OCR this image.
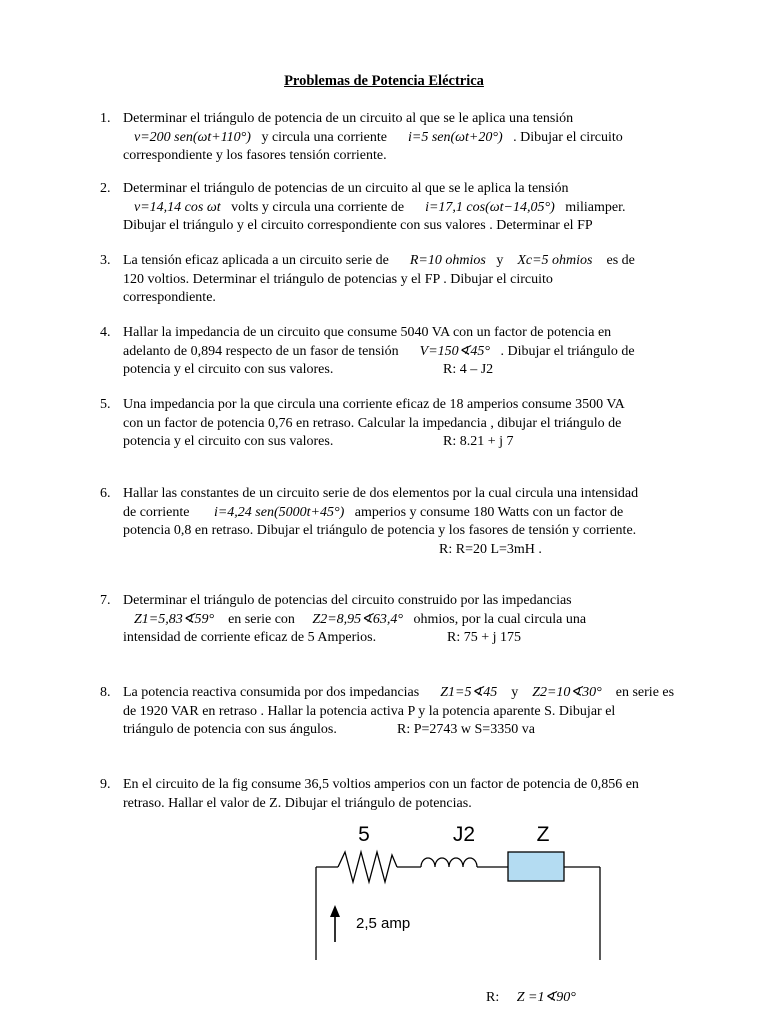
Problemas de Potencia Eléctrica
1. Determinar el triángulo de potencia de un circuito al que se le aplica una tensión
v=200 sen(ωt+110°) y circula una corriente i=5 sen(ωt+20°) . Dibujar el circuito
correspondiente y los fasores tensión corriente.
2. Determinar el triángulo de potencias de un circuito al que se le aplica la tensión
v=14,14 cos ωt volts y circula una corriente de i=17,1 cos(ωt−14,05°) miliamper.
Dibujar el triángulo y el circuito correspondiente con sus valores . Determinar el FP
3. La tensión eficaz aplicada a un circuito serie de R=10 ohmios y Xc=5 ohmios es de
120 voltios. Determinar el triángulo de potencias y el FP . Dibujar el circuito
correspondiente.
4. Hallar la impedancia de un circuito que consume 5040 VA con un factor de potencia en
adelanto de 0,894 respecto de un fasor de tensión V=150∢45° . Dibujar el triángulo de
potencia y el circuito con sus valores.	R: 4 – J2
5. Una impedancia por la que circula una corriente eficaz de 18 amperios consume 3500 VA
con un factor de potencia 0,76 en retraso. Calcular la impedancia , dibujar el triángulo de
potencia y el circuito con sus valores.	R: 8.21 + j 7
6. Hallar las constantes de un circuito serie de dos elementos por la cual circula una intensidad
de corriente i=4,24 sen(5000t+45°) amperios y consume 180 Watts con un factor de
potencia 0,8 en retraso. Dibujar el triángulo de potencia y los fasores de tensión y corriente.
R: R=20 L=3mH .
7. Determinar el triángulo de potencias del circuito construido por las impedancias
Z1=5,83∢59° en serie con Z2=8,95∢63,4° ohmios, por la cual circula una
intensidad de corriente eficaz de 5 Amperios.	R: 75 + j 175
8. La potencia reactiva consumida por dos impedancias Z1=5∢45 y Z2=10∢30° en serie es
de 1920 VAR en retraso . Hallar la potencia activa P y la potencia aparente S. Dibujar el
triángulo de potencia con sus ángulos.	R: P=2743 w S=3350 va
9. En el circuito de la fig consume 36,5 voltios amperios con un factor de potencia de 0,856 en
retraso. Hallar el valor de Z. Dibujar el triángulo de potencias.
5	J2	Z
2,5 amp
R: Z =1∢90°
